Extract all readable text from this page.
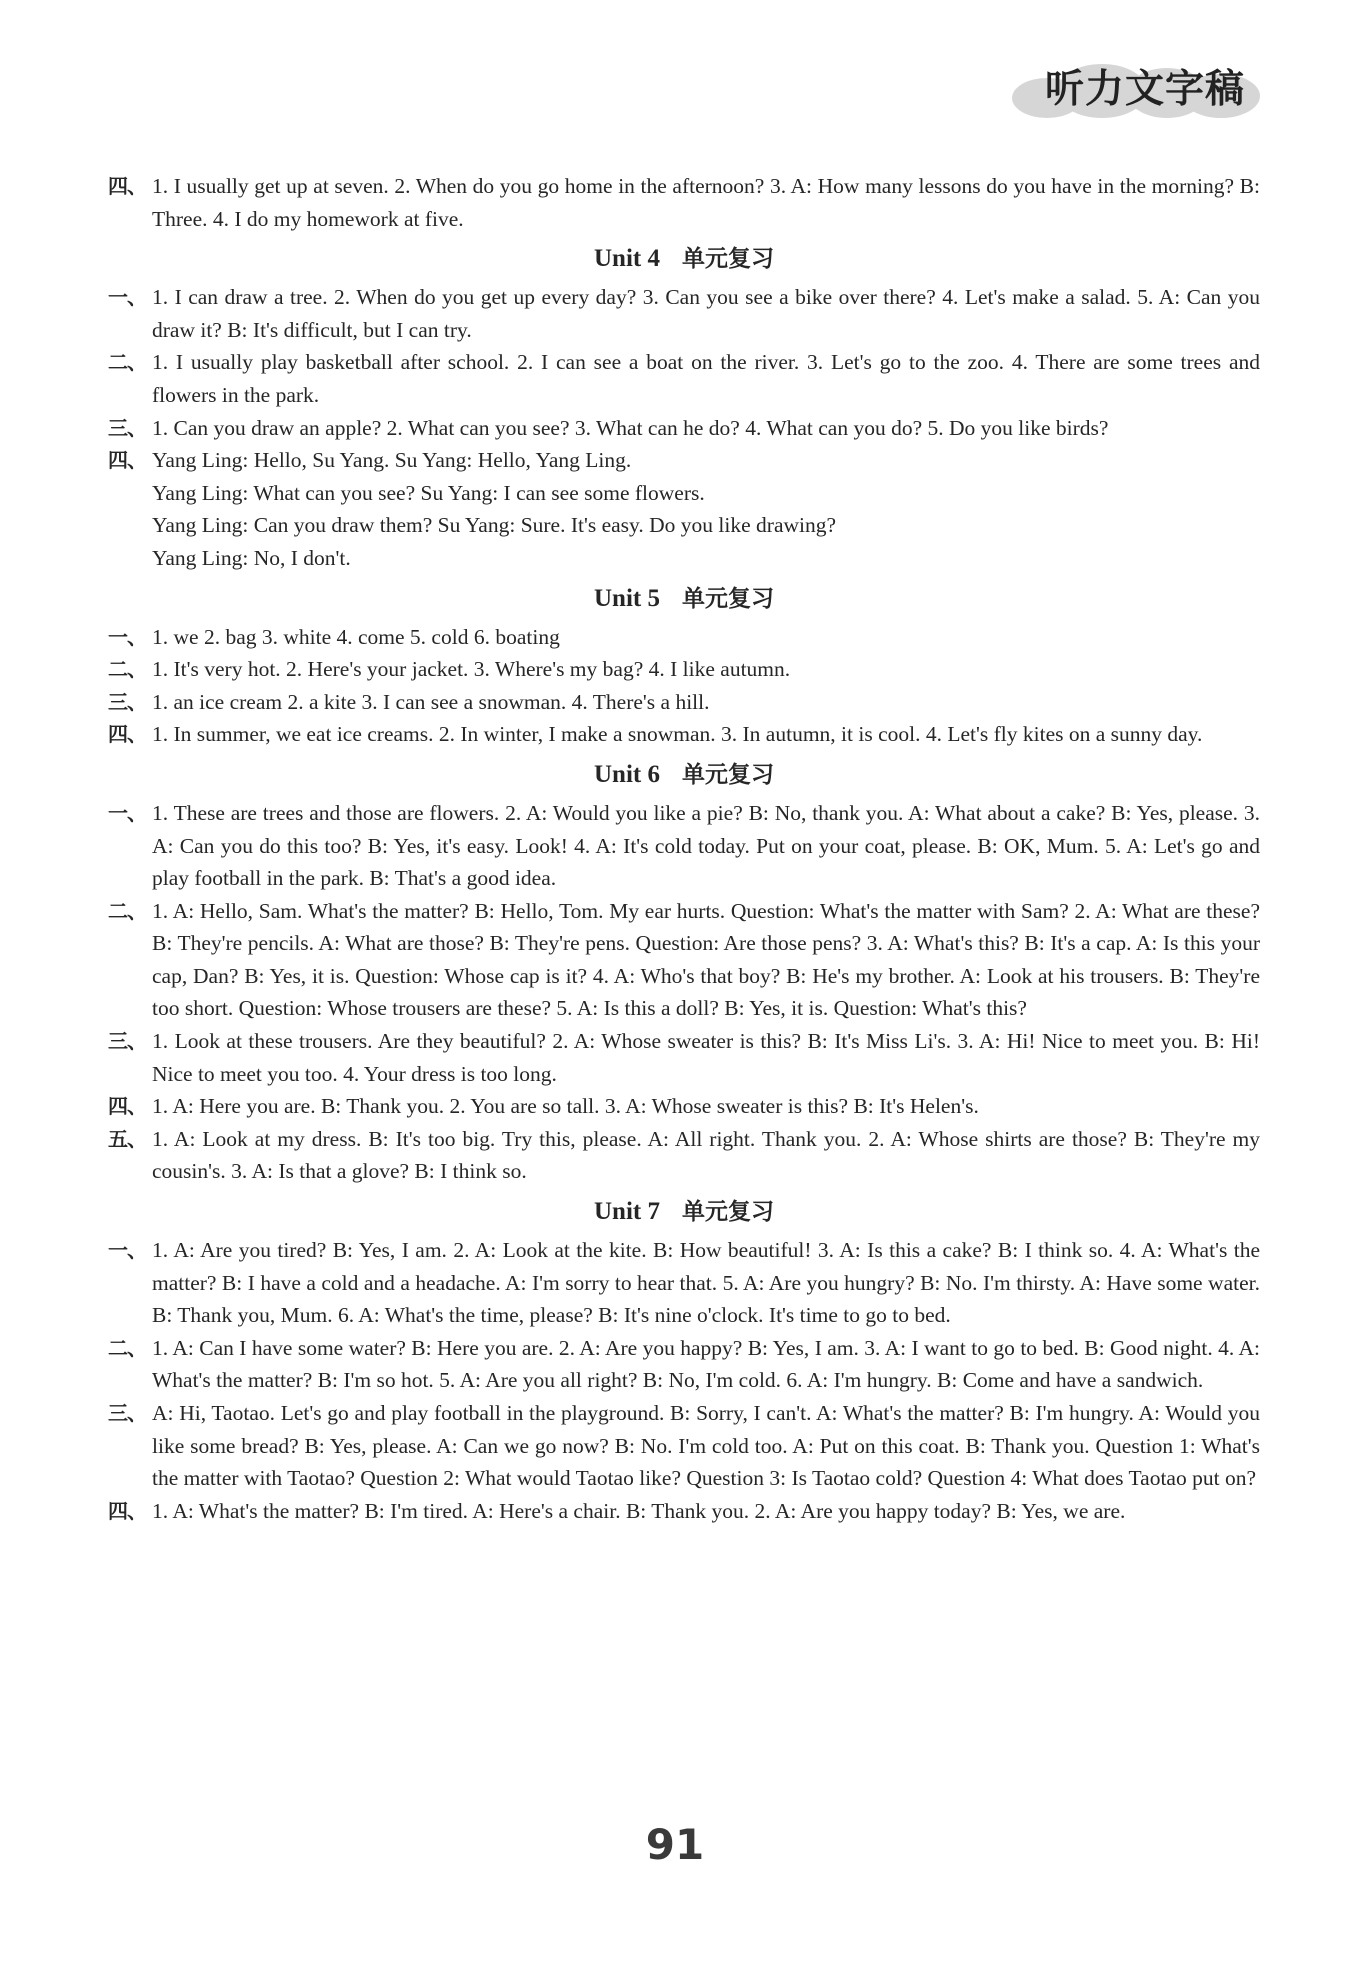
听力文字稿

四、 1. I usually get up at seven. 2. When do you go home in the afternoon? 3. A: How many lessons do you have in the morning? B: Three. 4. I do my homework at five.

Unit 4 单元复习

一、 1. I can draw a tree. 2. When do you get up every day? 3. Can you see a bike over there? 4. Let's make a salad. 5. A: Can you draw it? B: It's difficult, but I can try.

二、 1. I usually play basketball after school. 2. I can see a boat on the river. 3. Let's go to the zoo. 4. There are some trees and flowers in the park.

三、 1. Can you draw an apple? 2. What can you see? 3. What can he do? 4. What can you do? 5. Do you like birds?

四、 Yang Ling: Hello, Su Yang. Su Yang: Hello, Yang Ling.

Yang Ling: What can you see? Su Yang: I can see some flowers.

Yang Ling: Can you draw them? Su Yang: Sure. It's easy. Do you like drawing?

Yang Ling: No, I don't.

Unit 5 单元复习

一、 1. we 2. bag 3. white 4. come 5. cold 6. boating

二、 1. It's very hot. 2. Here's your jacket. 3. Where's my bag? 4. I like autumn.

三、 1. an ice cream 2. a kite 3. I can see a snowman. 4. There's a hill.

四、 1. In summer, we eat ice creams. 2. In winter, I make a snowman. 3. In autumn, it is cool. 4. Let's fly kites on a sunny day.

Unit 6 单元复习

一、 1. These are trees and those are flowers. 2. A: Would you like a pie? B: No, thank you. A: What about a cake? B: Yes, please. 3. A: Can you do this too? B: Yes, it's easy. Look! 4. A: It's cold today. Put on your coat, please. B: OK, Mum. 5. A: Let's go and play football in the park. B: That's a good idea.

二、 1. A: Hello, Sam. What's the matter? B: Hello, Tom. My ear hurts. Question: What's the matter with Sam? 2. A: What are these? B: They're pencils. A: What are those? B: They're pens. Question: Are those pens? 3. A: What's this? B: It's a cap. A: Is this your cap, Dan? B: Yes, it is. Question: Whose cap is it? 4. A: Who's that boy? B: He's my brother. A: Look at his trousers. B: They're too short. Question: Whose trousers are these? 5. A: Is this a doll? B: Yes, it is. Question: What's this?

三、 1. Look at these trousers. Are they beautiful? 2. A: Whose sweater is this? B: It's Miss Li's. 3. A: Hi! Nice to meet you. B: Hi! Nice to meet you too. 4. Your dress is too long.

四、 1. A: Here you are. B: Thank you. 2. You are so tall. 3. A: Whose sweater is this? B: It's Helen's.

五、 1. A: Look at my dress. B: It's too big. Try this, please. A: All right. Thank you. 2. A: Whose shirts are those? B: They're my cousin's. 3. A: Is that a glove? B: I think so.

Unit 7 单元复习

一、 1. A: Are you tired? B: Yes, I am. 2. A: Look at the kite. B: How beautiful! 3. A: Is this a cake? B: I think so. 4. A: What's the matter? B: I have a cold and a headache. A: I'm sorry to hear that. 5. A: Are you hungry? B: No. I'm thirsty. A: Have some water. B: Thank you, Mum. 6. A: What's the time, please? B: It's nine o'clock. It's time to go to bed.

二、 1. A: Can I have some water? B: Here you are. 2. A: Are you happy? B: Yes, I am. 3. A: I want to go to bed. B: Good night. 4. A: What's the matter? B: I'm so hot. 5. A: Are you all right? B: No, I'm cold. 6. A: I'm hungry. B: Come and have a sandwich.

三、 A: Hi, Taotao. Let's go and play football in the playground. B: Sorry, I can't. A: What's the matter? B: I'm hungry. A: Would you like some bread? B: Yes, please. A: Can we go now? B: No. I'm cold too. A: Put on this coat. B: Thank you. Question 1: What's the matter with Taotao? Question 2: What would Taotao like? Question 3: Is Taotao cold? Question 4: What does Taotao put on?

四、 1. A: What's the matter? B: I'm tired. A: Here's a chair. B: Thank you. 2. A: Are you happy today? B: Yes, we are.

91
